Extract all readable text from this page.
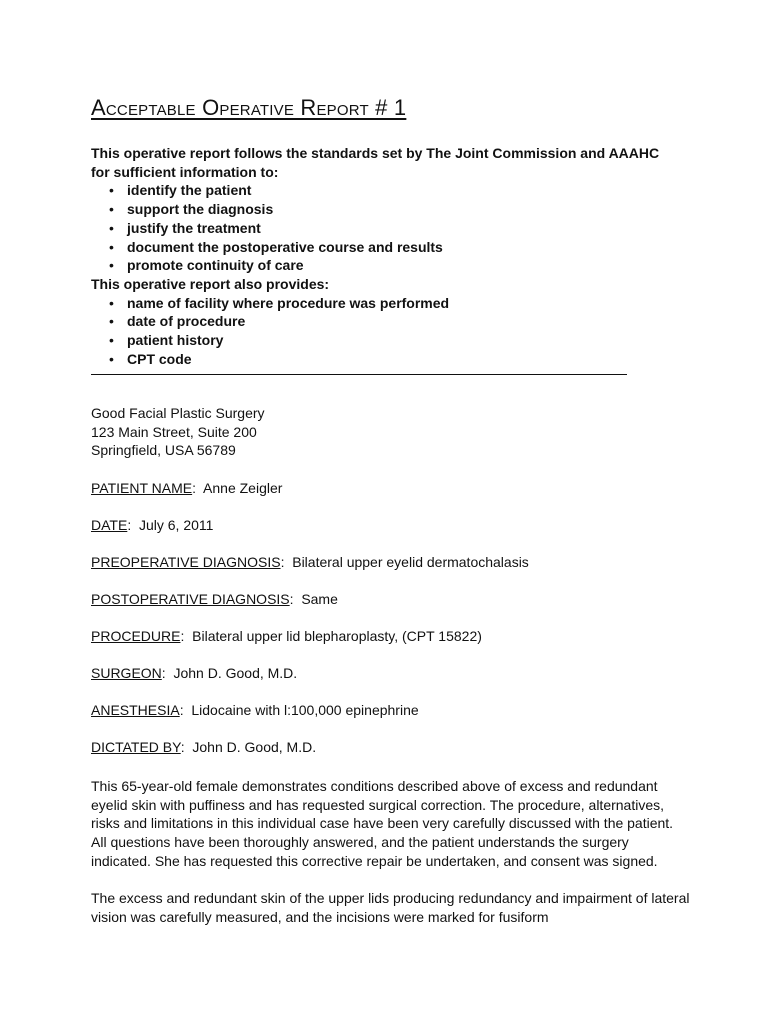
Acceptable Operative Report # 1

This operative report follows the standards set by The Joint Commission and AAAHC for sufficient information to:

• identify the patient
• support the diagnosis
• justify the treatment
• document the postoperative course and results
• promote continuity of care

This operative report also provides:

• name of facility where procedure was performed
• date of procedure
• patient history
• CPT code
Good Facial Plastic Surgery
123 Main Street, Suite 200
Springfield, USA 56789
PATIENT NAME:  Anne Zeigler
DATE:  July 6, 2011
PREOPERATIVE DIAGNOSIS:  Bilateral upper eyelid dermatochalasis
POSTOPERATIVE DIAGNOSIS:  Same
PROCEDURE:  Bilateral upper lid blepharoplasty, (CPT 15822)
SURGEON:  John D. Good, M.D.
ANESTHESIA:  Lidocaine with l:100,000 epinephrine
DICTATED BY:  John D. Good, M.D.

This 65-year-old female demonstrates conditions described above of excess and redundant eyelid skin with puffiness and has requested surgical correction. The procedure, alternatives, risks and limitations in this individual case have been very carefully discussed with the patient. All questions have been thoroughly answered, and the patient understands the surgery indicated. She has requested this corrective repair be undertaken, and consent was signed.

The excess and redundant skin of the upper lids producing redundancy and impairment of lateral vision was carefully measured, and the incisions were marked for fusiform
